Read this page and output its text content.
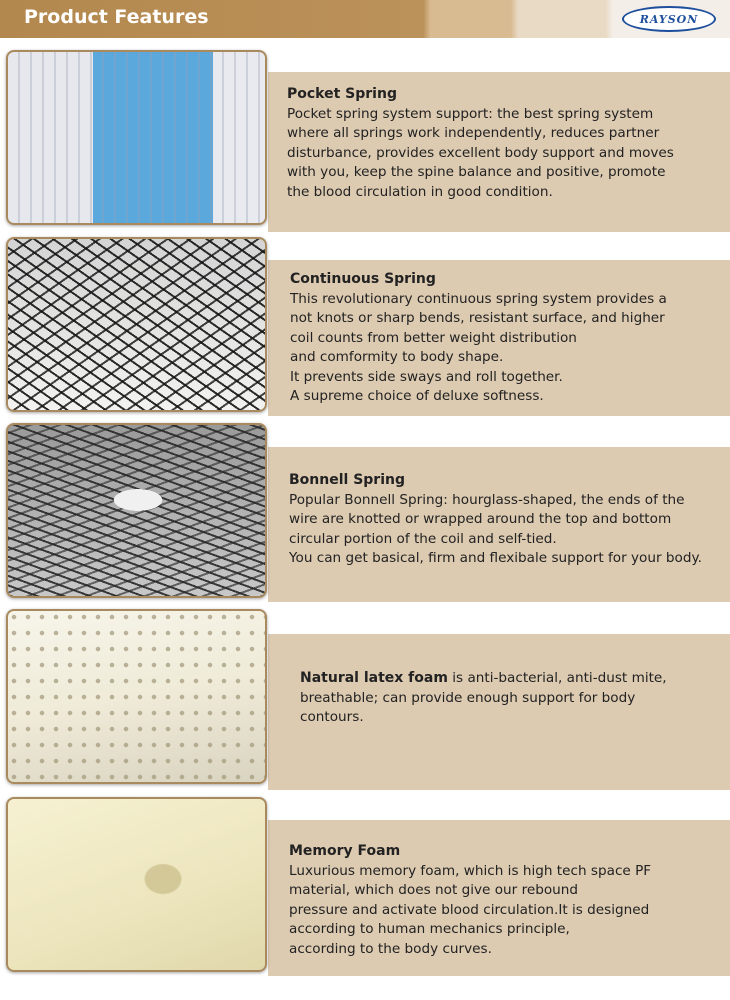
Product Features	RAYSON
Pocket Spring
Pocket spring system support: the best spring system
where all springs work independently, reduces partner
disturbance, provides excellent body support and moves
with you, keep the spine balance and positive, promote
the blood circulation in good condition.
Continuous Spring
This revolutionary continuous spring system provides a
not knots or sharp bends, resistant surface, and higher
coil counts from better weight distribution
and comformity to body shape.
It prevents side sways and roll together.
A supreme choice of deluxe softness.
Bonnell Spring
Popular Bonnell Spring: hourglass-shaped, the ends of the
wire are knotted or wrapped around the top and bottom
circular portion of the coil and self-tied.
You can get basical, firm and flexibale support for your body.
Natural latex foam is anti-bacterial, anti-dust mite,
breathable; can provide enough support for body
contours.
Memory Foam
Luxurious memory foam, which is high tech space PF
material, which does not give our rebound
pressure and activate blood circulation.It is designed
according to human mechanics principle,
according to the body curves.
